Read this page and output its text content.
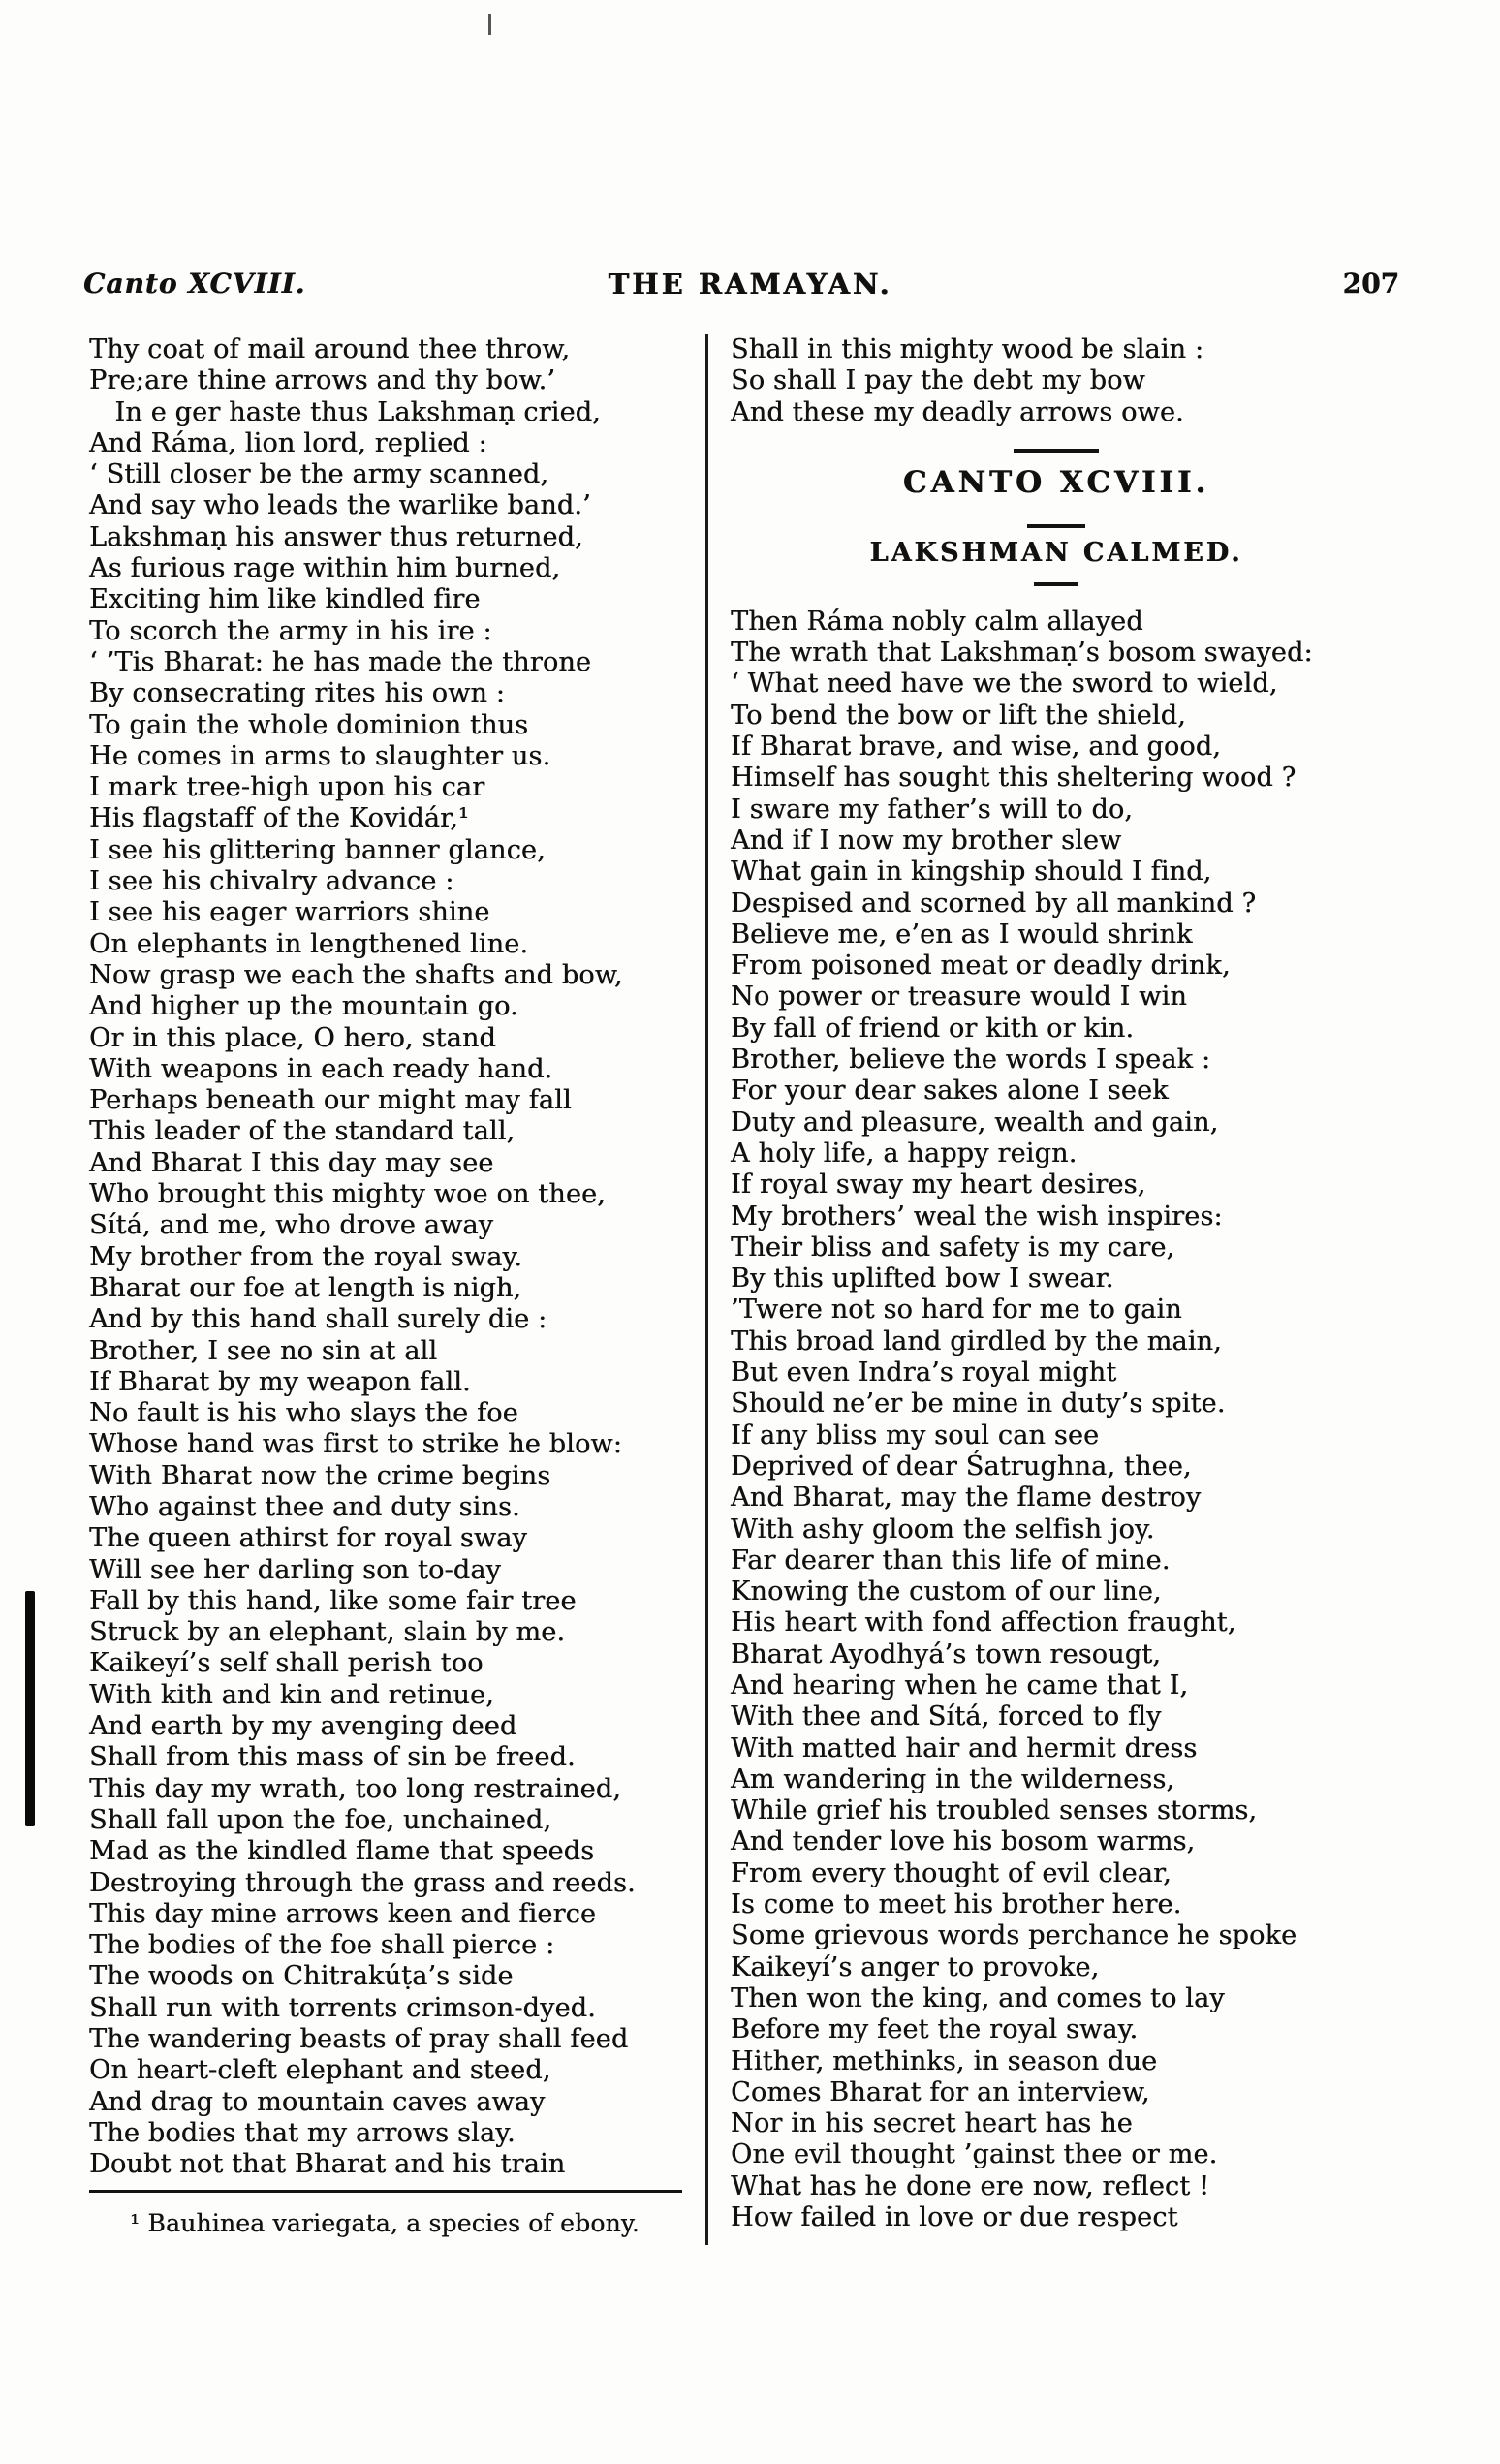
Canto XCVIII.	THE RAMAYAN.	207
Thy coat of mail around thee throw,
Pre;are thine arrows and thy bow.’
In e ger haste thus Lakshmaṇ cried,
And Ráma, lion lord, replied :
‘ Still closer be the army scanned,
And say who leads the warlike band.’
Lakshmaṇ his answer thus returned,
As furious rage within him burned,
Exciting him like kindled fire
To scorch the army in his ire :
‘ ’Tis Bharat: he has made the throne
By consecrating rites his own :
To gain the whole dominion thus
He comes in arms to slaughter us.
I mark tree-high upon his car
His flagstaff of the Kovidár,¹
I see his glittering banner glance,
I see his chivalry advance :
I see his eager warriors shine
On elephants in lengthened line.
Now grasp we each the shafts and bow,
And higher up the mountain go.
Or in this place, O hero, stand
With weapons in each ready hand.
Perhaps beneath our might may fall
This leader of the standard tall,
And Bharat I this day may see
Who brought this mighty woe on thee,
Sítá, and me, who drove away
My brother from the royal sway.
Bharat our foe at length is nigh,
And by this hand shall surely die :
Brother, I see no sin at all
If Bharat by my weapon fall.
No fault is his who slays the foe
Whose hand was first to strike he blow:
With Bharat now the crime begins
Who against thee and duty sins.
The queen athirst for royal sway
Will see her darling son to-day
Fall by this hand, like some fair tree
Struck by an elephant, slain by me.
Kaikeyí’s self shall perish too
With kith and kin and retinue,
And earth by my avenging deed
Shall from this mass of sin be freed.
This day my wrath, too long restrained,
Shall fall upon the foe, unchained,
Mad as the kindled flame that speeds
Destroying through the grass and reeds.
This day mine arrows keen and fierce
The bodies of the foe shall pierce :
The woods on Chitrakúṭa’s side
Shall run with torrents crimson-dyed.
The wandering beasts of pray shall feed
On heart-cleft elephant and steed,
And drag to mountain caves away
The bodies that my arrows slay.
Doubt not that Bharat and his train
¹ Bauhinea variegata, a species of ebony.
Shall in this mighty wood be slain :
So shall I pay the debt my bow
And these my deadly arrows owe.
CANTO XCVIII.
LAKSHMAN CALMED.
Then Ráma nobly calm allayed
The wrath that Lakshmaṇ’s bosom swayed:
‘ What need have we the sword to wield,
To bend the bow or lift the shield,
If Bharat brave, and wise, and good,
Himself has sought this sheltering wood ?
I sware my father’s will to do,
And if I now my brother slew
What gain in kingship should I find,
Despised and scorned by all mankind ?
Believe me, e’en as I would shrink
From poisoned meat or deadly drink,
No power or treasure would I win
By fall of friend or kith or kin.
Brother, believe the words I speak :
For your dear sakes alone I seek
Duty and pleasure, wealth and gain,
A holy life, a happy reign.
If royal sway my heart desires,
My brothers’ weal the wish inspires:
Their bliss and safety is my care,
By this uplifted bow I swear.
’Twere not so hard for me to gain
This broad land girdled by the main,
But even Indra’s royal might
Should ne’er be mine in duty’s spite.
If any bliss my soul can see
Deprived of dear Śatrughna, thee,
And Bharat, may the flame destroy
With ashy gloom the selfish joy.
Far dearer than this life of mine.
Knowing the custom of our line,
His heart with fond affection fraught,
Bharat Ayodhyá’s town resougt,
And hearing when he came that I,
With thee and Sítá, forced to fly
With matted hair and hermit dress
Am wandering in the wilderness,
While grief his troubled senses storms,
And tender love his bosom warms,
From every thought of evil clear,
Is come to meet his brother here.
Some grievous words perchance he spoke
Kaikeyí’s anger to provoke,
Then won the king, and comes to lay
Before my feet the royal sway.
Hither, methinks, in season due
Comes Bharat for an interview,
Nor in his secret heart has he
One evil thought ’gainst thee or me.
What has he done ere now, reflect !
How failed in love or due respect
